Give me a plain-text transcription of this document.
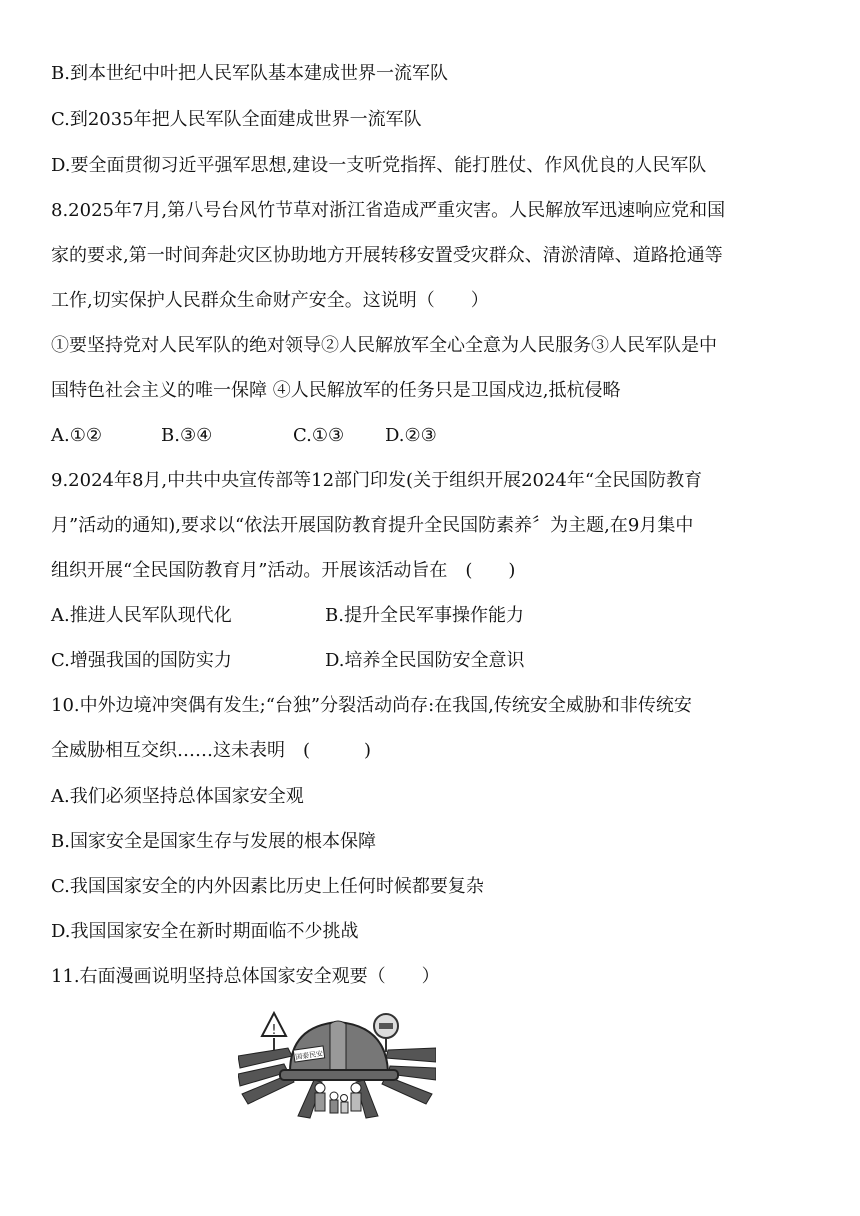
B.到本世纪中叶把人民军队基本建成世界一流军队
C.到2035年把人民军队全面建成世界一流军队
D.要全面贯彻习近平强军思想,建设一支听党指挥、能打胜仗、作风优良的人民军队
8.2025年7月,第八号台风竹节草对浙江省造成严重灾害。人民解放军迅速响应党和国
家的要求,第一时间奔赴灾区协助地方开展转移安置受灾群众、清淤清障、道路抢通等
工作,切实保护人民群众生命财产安全。这说明（　　）
①要坚持党对人民军队的绝对领导②人民解放军全心全意为人民服务③人民军队是中
国特色社会主义的唯一保障 ④人民解放军的任务只是卫国戍边,抵杭侵略
A.①②	B.③④	C.①③ D.②③
9.2024年8月,中共中央宣传部等12部门印发(关于组织开展2024年“全民国防教育
月”活动的通知),要求以“依法开展国防教育提升全民国防素养〞为主题,在9月集中
组织开展“全民国防教育月”活动。开展该活动旨在　(　　)
A.推进人民军队现代化	B.提升全民军事操作能力
C.增强我国的国防实力	D.培养全民国防安全意识
10.中外边境冲突偶有发生;“台独”分裂活动尚存:在我国,传统安全威胁和非传统安
全威胁相互交织……这未表明　(　　　)
A.我们必须坚持总体国家安全观
B.国家安全是国家生存与发展的根本保障
C.我国国家安全的内外因素比历史上任何时候都要复杂
D.我国国家安全在新时期面临不少挑战
11.右面漫画说明坚持总体国家安全观要（　　）
!
国泰民安
